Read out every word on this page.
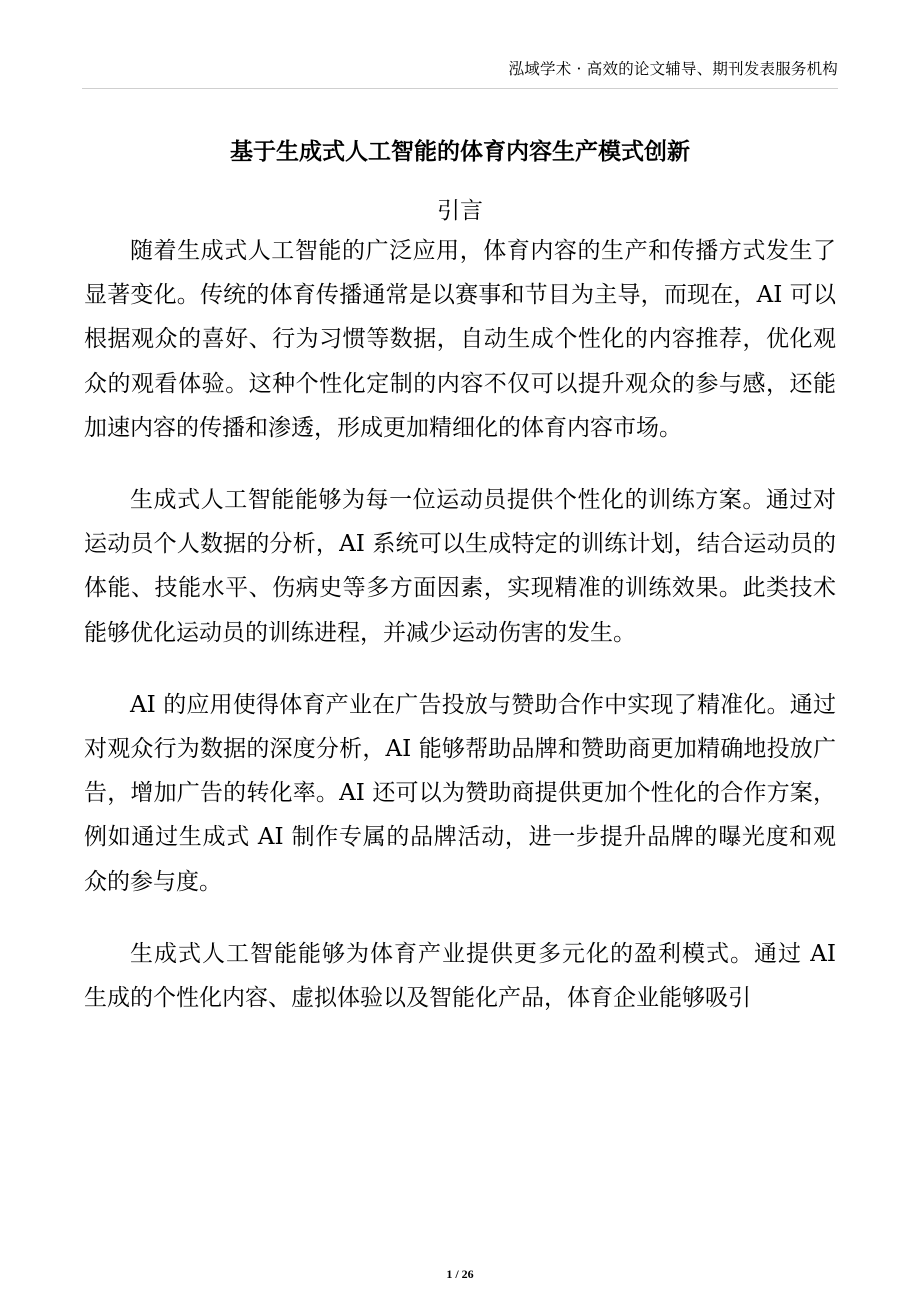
泓域学术 · 高效的论文辅导、期刊发表服务机构
基于生成式人工智能的体育内容生产模式创新
引言

随着生成式人工智能的广泛应用，体育内容的生产和传播方式发生了显著变化。传统的体育传播通常是以赛事和节目为主导，而现在，AI 可以根据观众的喜好、行为习惯等数据，自动生成个性化的内容推荐，优化观众的观看体验。这种个性化定制的内容不仅可以提升观众的参与感，还能加速内容的传播和渗透，形成更加精细化的体育内容市场。

生成式人工智能能够为每一位运动员提供个性化的训练方案。通过对运动员个人数据的分析，AI 系统可以生成特定的训练计划，结合运动员的体能、技能水平、伤病史等多方面因素，实现精准的训练效果。此类技术能够优化运动员的训练进程，并减少运动伤害的发生。

AI 的应用使得体育产业在广告投放与赞助合作中实现了精准化。通过对观众行为数据的深度分析，AI 能够帮助品牌和赞助商更加精确地投放广告，增加广告的转化率。AI 还可以为赞助商提供更加个性化的合作方案，例如通过生成式 AI 制作专属的品牌活动，进一步提升品牌的曝光度和观众的参与度。

生成式人工智能能够为体育产业提供更多元化的盈利模式。通过 AI 生成的个性化内容、虚拟体验以及智能化产品，体育企业能够吸引

1 / 26
